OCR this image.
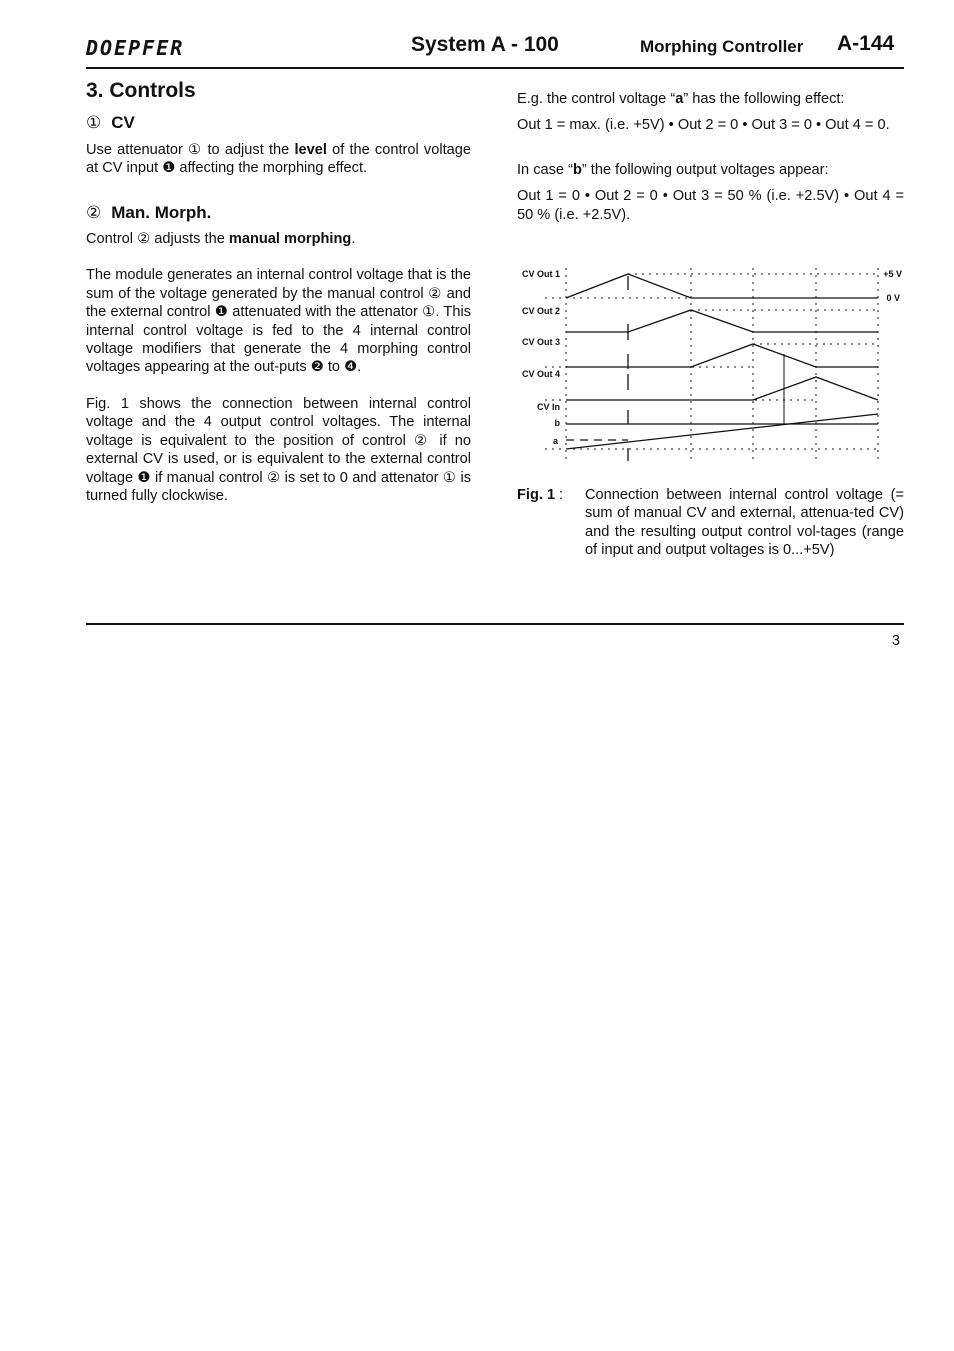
DOEPFER	System A - 100	Morphing Controller A-144
3. Controls
① CV

Use attenuator ① to adjust the level of the control voltage at CV input ❶ affecting the morphing effect.

② Man. Morph.

Control ② adjusts the manual morphing.

The module generates an internal control voltage that is the sum of the voltage generated by the manual control ② and the external control ❶ attenuated with the attenator ①. This internal control voltage is fed to the 4 internal control voltage modifiers that generate the 4 morphing control voltages appearing at the out-puts ❷ to ❹.

Fig. 1 shows the connection between internal control voltage and the 4 output control voltages. The internal voltage is equivalent to the position of control ② if no external CV is used, or is equivalent to the external control voltage ❶ if manual control ② is set to 0 and attenator ① is turned fully clockwise.

E.g. the control voltage “a” has the following effect:

Out 1 = max. (i.e. +5V) • Out 2 = 0 • Out 3 = 0 • Out 4 = 0.

In case “b” the following output voltages appear:

Out 1 = 0 • Out 2 = 0 • Out 3 = 50 % (i.e. +2.5V) • Out 4 = 50 % (i.e. +2.5V).

CV Out 1
CV Out 2
CV Out 3
CV Out 4
CV In
b
a
+5 V
0 V
Fig. 1 : Connection between internal control voltage (= sum of manual CV and external, attenua-ted CV) and the resulting output control vol-tages (range of input and output voltages is 0...+5V)
3
